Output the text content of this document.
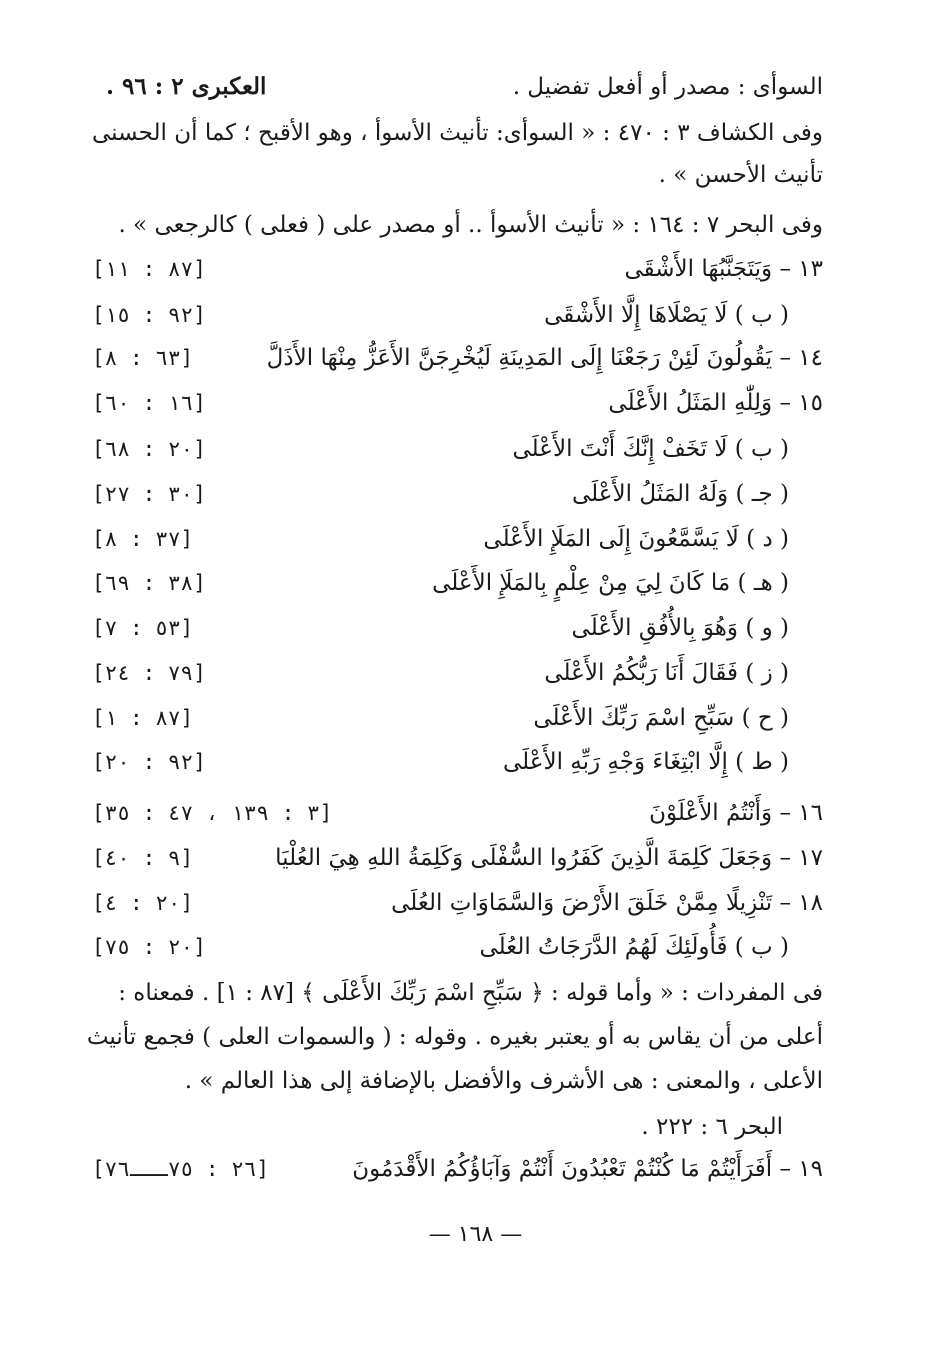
السوأى : مصدر أو أفعل تفضيل .
العكبرى ٢ : ٩٦ .
وفى الكشاف ٣ : ٤٧٠ : « السوأى: تأنيث الأسوأ ، وهو الأقبح ؛ كما أن الحسنى تأنيث الأحسن » .
وفى البحر ٧ : ١٦٤ : « تأنيث الأسوأ .. أو مصدر على ( فعلى ) كالرجعى » .
١٣ – وَيَتَجَنَّبُهَا الأَشْقَى
[٨٧ : ١١]
( ب ) لَا يَصْلَاهَا إِلَّا الأَشْقَى
[٩٢ : ١٥]
١٤ – يَقُولُونَ لَئِنْ رَجَعْنَا إِلَى المَدِينَةِ لَيُخْرِجَنَّ الأَعَزُّ مِنْهَا الأَذَلَّ
[٦٣ : ٨]
١٥ – وَلِلّٰهِ المَثَلُ الأَعْلَى
[١٦ : ٦٠]
( ب ) لَا تَخَفْ إِنَّكَ أَنْتَ الأَعْلَى
[٢٠ : ٦٨]
( جـ ) وَلَهُ المَثَلُ الأَعْلَى
[٣٠ : ٢٧]
( د ) لَا يَسَّمَّعُونَ إِلَى المَلَإِ الأَعْلَى
[٣٧ : ٨]
( هـ ) مَا كَانَ لِيَ مِنْ عِلْمٍ بِالمَلَإِ الأَعْلَى
[٣٨ : ٦٩]
( و ) وَهُوَ بِالأُفُقِ الأَعْلَى
[٥٣ : ٧]
( ز ) فَقَالَ أَنَا رَبُّكُمُ الأَعْلَى
[٧٩ : ٢٤]
( ح ) سَبِّحِ اسْمَ رَبِّكَ الأَعْلَى
[٨٧ : ١]
( ط ) إِلَّا ابْتِغَاءَ وَجْهِ رَبِّهِ الأَعْلَى
[٩٢ : ٢٠]
١٦ – وَأَنْتُمُ الأَعْلَوْنَ
[٣ : ١٣٩ ، ٤٧ : ٣٥]
١٧ – وَجَعَلَ كَلِمَةَ الَّذِينَ كَفَرُوا السُّفْلَى وَكَلِمَةُ اللهِ هِيَ العُلْيَا
[٩ : ٤٠]
١٨ – تَنْزِيلًا مِمَّنْ خَلَقَ الأَرْضَ وَالسَّمَاوَاتِ العُلَى
[٢٠ : ٤]
( ب ) فَأُولَئِكَ لَهُمُ الدَّرَجَاتُ العُلَى
[٢٠ : ٧٥]
فى المفردات : « وأما قوله : ﴿ سَبِّحِ اسْمَ رَبِّكَ الأَعْلَى ﴾ [٨٧ : ١] . فمعناه :
أعلى من أن يقاس به أو يعتبر بغيره . وقوله : ( والسموات العلى ) فجمع تأنيث
الأعلى ، والمعنى : هى الأشرف والأفضل بالإضافة إلى هذا العالم » .
البحر ٦ : ٢٢٢ .
١٩ – أَفَرَأَيْتُمْ مَا كُنْتُمْ تَعْبُدُونَ أَنْتُمْ وَآبَاؤُكُمُ الأَقْدَمُونَ
[٢٦ : ٧٥ـــ٧٦]
— ١٦٨ —
